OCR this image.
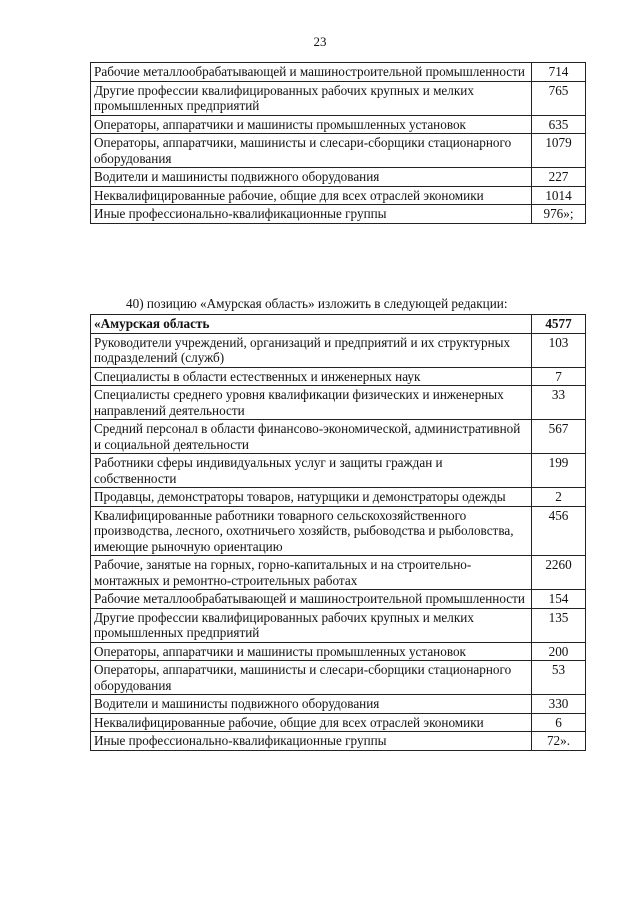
23
Рабочие металлообрабатывающей и машиностроительной промышленности	714
Другие профессии квалифицированных рабочих крупных и мелких промышленных предприятий	765
Операторы, аппаратчики и машинисты промышленных установок	635
Операторы, аппаратчики, машинисты и слесари-сборщики стационарного оборудования	1079
Водители и машинисты подвижного оборудования	227
Неквалифицированные рабочие, общие для всех отраслей экономики	1014
Иные профессионально-квалификационные группы	976»;
40) позицию «Амурская область» изложить в следующей редакции:
«Амурская область	4577
Руководители учреждений, организаций и предприятий и их структурных подразделений (служб)	103
Специалисты в области естественных и инженерных наук	7
Специалисты среднего уровня квалификации физических и инженерных направлений деятельности	33
Средний персонал в области финансово-экономической, административной и социальной деятельности	567
Работники сферы индивидуальных услуг и защиты граждан и собственности	199
Продавцы, демонстраторы товаров, натурщики и демонстраторы одежды	2
Квалифицированные работники товарного сельскохозяйственного производства, лесного, охотничьего хозяйств, рыбоводства и рыболовства, имеющие рыночную ориентацию	456
Рабочие, занятые на горных, горно-капитальных и на строительно-монтажных и ремонтно-строительных работах	2260
Рабочие металлообрабатывающей и машиностроительной промышленности	154
Другие профессии квалифицированных рабочих крупных и мелких промышленных предприятий	135
Операторы, аппаратчики и машинисты промышленных установок	200
Операторы, аппаратчики, машинисты и слесари-сборщики стационарного оборудования	53
Водители и машинисты подвижного оборудования	330
Неквалифицированные рабочие, общие для всех отраслей экономики	6
Иные профессионально-квалификационные группы	72».
